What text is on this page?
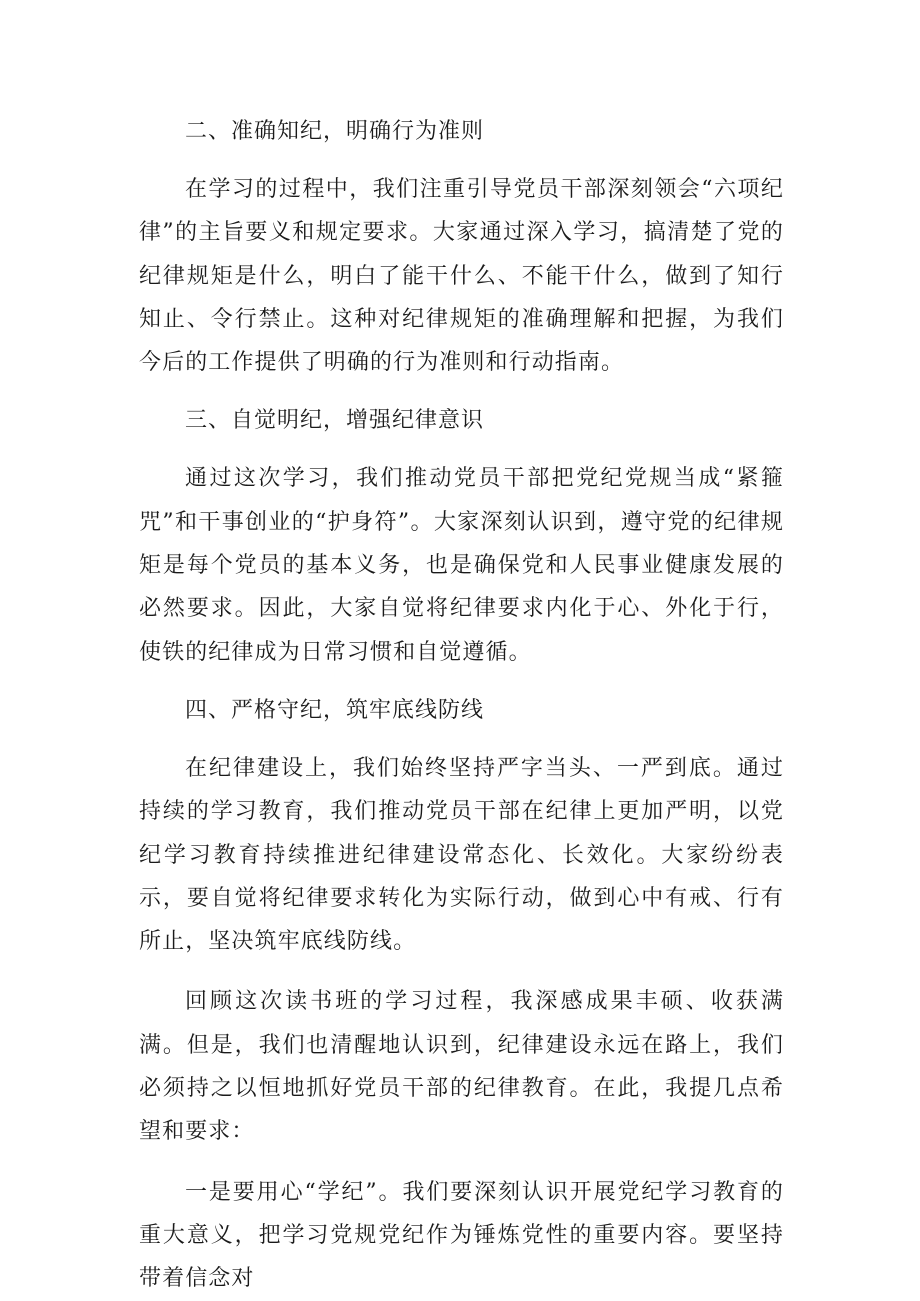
二、准确知纪，明确行为准则

在学习的过程中，我们注重引导党员干部深刻领会“六项纪律”的主旨要义和规定要求。大家通过深入学习，搞清楚了党的纪律规矩是什么，明白了能干什么、不能干什么，做到了知行知止、令行禁止。这种对纪律规矩的准确理解和把握，为我们今后的工作提供了明确的行为准则和行动指南。

三、自觉明纪，增强纪律意识

通过这次学习，我们推动党员干部把党纪党规当成“紧箍咒”和干事创业的“护身符”。大家深刻认识到，遵守党的纪律规矩是每个党员的基本义务，也是确保党和人民事业健康发展的必然要求。因此，大家自觉将纪律要求内化于心、外化于行，使铁的纪律成为日常习惯和自觉遵循。

四、严格守纪，筑牢底线防线

在纪律建设上，我们始终坚持严字当头、一严到底。通过持续的学习教育，我们推动党员干部在纪律上更加严明，以党纪学习教育持续推进纪律建设常态化、长效化。大家纷纷表示，要自觉将纪律要求转化为实际行动，做到心中有戒、行有所止，坚决筑牢底线防线。

回顾这次读书班的学习过程，我深感成果丰硕、收获满满。但是，我们也清醒地认识到，纪律建设永远在路上，我们必须持之以恒地抓好党员干部的纪律教育。在此，我提几点希望和要求：

一是要用心“学纪”。我们要深刻认识开展党纪学习教育的重大意义，把学习党规党纪作为锤炼党性的重要内容。要坚持带着信念对
